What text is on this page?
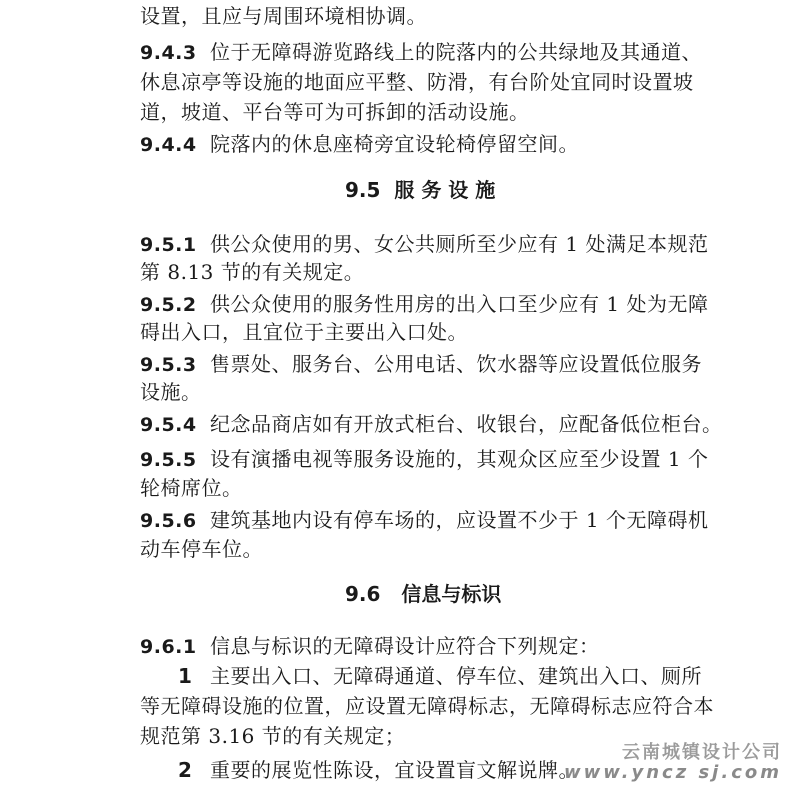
设置，且应与周围环境相协调。
9.4.3 位于无障碍游览路线上的院落内的公共绿地及其通道、
休息凉亭等设施的地面应平整、防滑，有台阶处宜同时设置坡
道，坡道、平台等可为可拆卸的活动设施。
9.4.4 院落内的休息座椅旁宜设轮椅停留空间。
9.5 服 务 设 施
9.5.1 供公众使用的男、女公共厕所至少应有 1 处满足本规范
第 8.13 节的有关规定。
9.5.2 供公众使用的服务性用房的出入口至少应有 1 处为无障
碍出入口，且宜位于主要出入口处。
9.5.3 售票处、服务台、公用电话、饮水器等应设置低位服务
设施。
9.5.4 纪念品商店如有开放式柜台、收银台，应配备低位柜台。
9.5.5 设有演播电视等服务设施的，其观众区应至少设置 1 个
轮椅席位。
9.5.6 建筑基地内设有停车场的，应设置不少于 1 个无障碍机
动车停车位。
9.6 信息与标识
9.6.1 信息与标识的无障碍设计应符合下列规定：
1 主要出入口、无障碍通道、停车位、建筑出入口、厕所
等无障碍设施的位置，应设置无障碍标志，无障碍标志应符合本
规范第 3.16 节的有关规定；
2 重要的展览性陈设，宜设置盲文解说牌。
云南城镇设计公司
www.yncz sj.com
